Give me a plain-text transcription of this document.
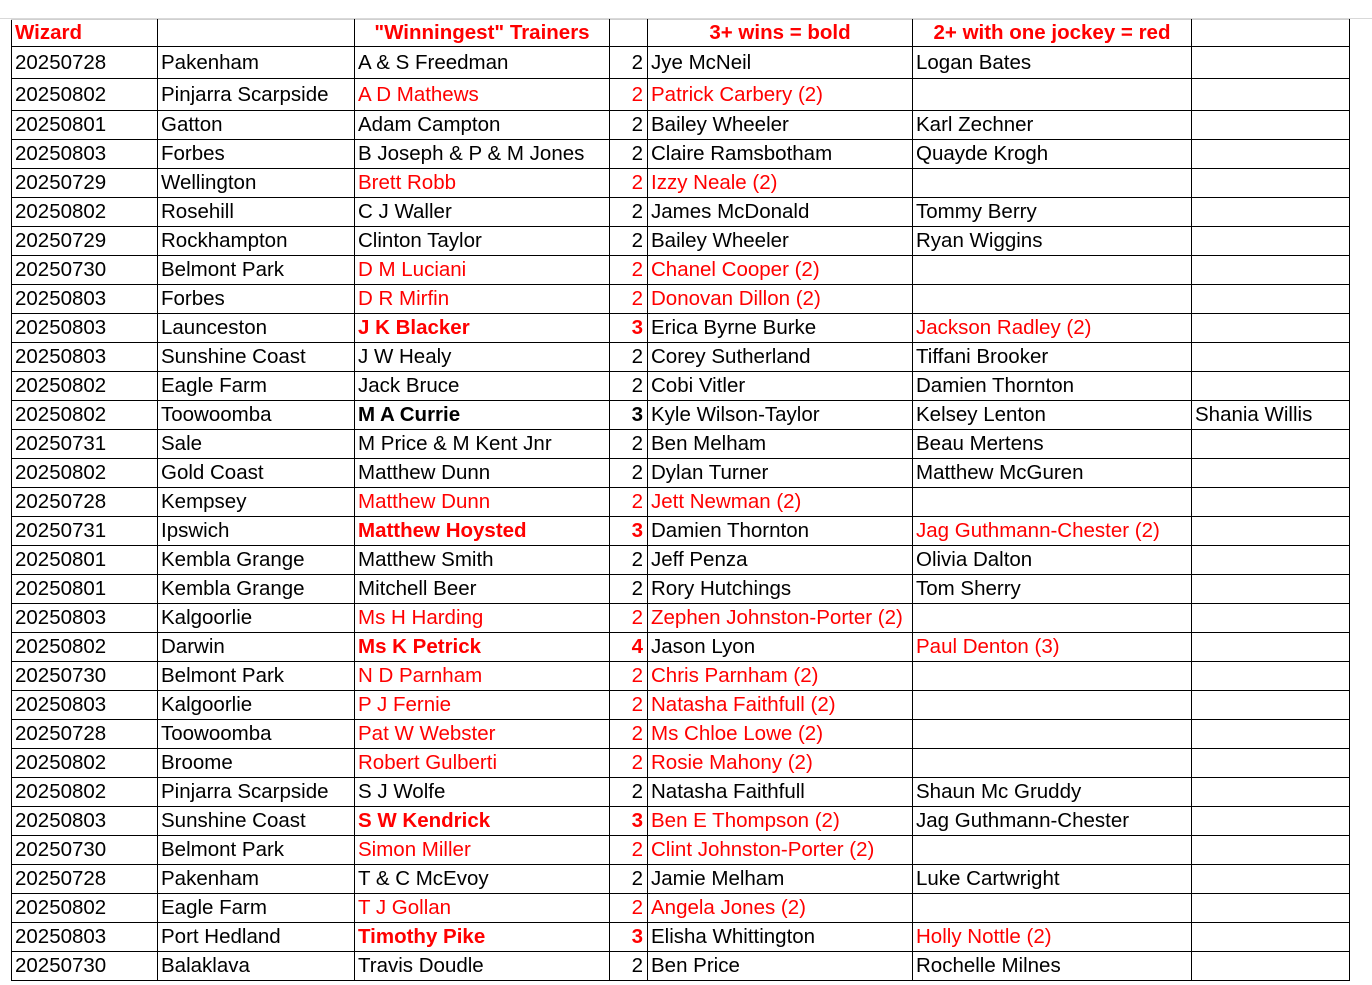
Wizard		"Winningest" Trainers		3+ wins = bold	2+ with one jockey = red	
20250728	Pakenham	A & S Freedman	2	Jye McNeil	Logan Bates	
20250802	Pinjarra Scarpside	A D Mathews	2	Patrick Carbery (2)		
20250801	Gatton	Adam Campton	2	Bailey Wheeler	Karl Zechner	
20250803	Forbes	B Joseph & P & M Jones	2	Claire Ramsbotham	Quayde Krogh	
20250729	Wellington	Brett Robb	2	Izzy Neale (2)		
20250802	Rosehill	C J Waller	2	James McDonald	Tommy Berry	
20250729	Rockhampton	Clinton Taylor	2	Bailey Wheeler	Ryan Wiggins	
20250730	Belmont Park	D M Luciani	2	Chanel Cooper (2)		
20250803	Forbes	D R Mirfin	2	Donovan Dillon (2)		
20250803	Launceston	J K Blacker	3	Erica Byrne Burke	Jackson Radley (2)	
20250803	Sunshine Coast	J W Healy	2	Corey Sutherland	Tiffani Brooker	
20250802	Eagle Farm	Jack Bruce	2	Cobi Vitler	Damien Thornton	
20250802	Toowoomba	M A Currie	3	Kyle Wilson-Taylor	Kelsey Lenton	Shania Willis
20250731	Sale	M Price & M Kent Jnr	2	Ben Melham	Beau Mertens	
20250802	Gold Coast	Matthew Dunn	2	Dylan Turner	Matthew McGuren	
20250728	Kempsey	Matthew Dunn	2	Jett Newman (2)		
20250731	Ipswich	Matthew Hoysted	3	Damien Thornton	Jag Guthmann-Chester (2)	
20250801	Kembla Grange	Matthew Smith	2	Jeff Penza	Olivia Dalton	
20250801	Kembla Grange	Mitchell Beer	2	Rory Hutchings	Tom Sherry	
20250803	Kalgoorlie	Ms H Harding	2	Zephen Johnston-Porter (2)		
20250802	Darwin	Ms K Petrick	4	Jason Lyon	Paul Denton (3)	
20250730	Belmont Park	N D Parnham	2	Chris Parnham (2)		
20250803	Kalgoorlie	P J Fernie	2	Natasha Faithfull (2)		
20250728	Toowoomba	Pat W Webster	2	Ms Chloe Lowe (2)		
20250802	Broome	Robert Gulberti	2	Rosie Mahony (2)		
20250802	Pinjarra Scarpside	S J Wolfe	2	Natasha Faithfull	Shaun Mc Gruddy	
20250803	Sunshine Coast	S W Kendrick	3	Ben E Thompson (2)	Jag Guthmann-Chester	
20250730	Belmont Park	Simon Miller	2	Clint Johnston-Porter (2)		
20250728	Pakenham	T & C McEvoy	2	Jamie Melham	Luke Cartwright	
20250802	Eagle Farm	T J Gollan	2	Angela Jones (2)		
20250803	Port Hedland	Timothy Pike	3	Elisha Whittington	Holly Nottle (2)	
20250730	Balaklava	Travis Doudle	2	Ben Price	Rochelle Milnes	
